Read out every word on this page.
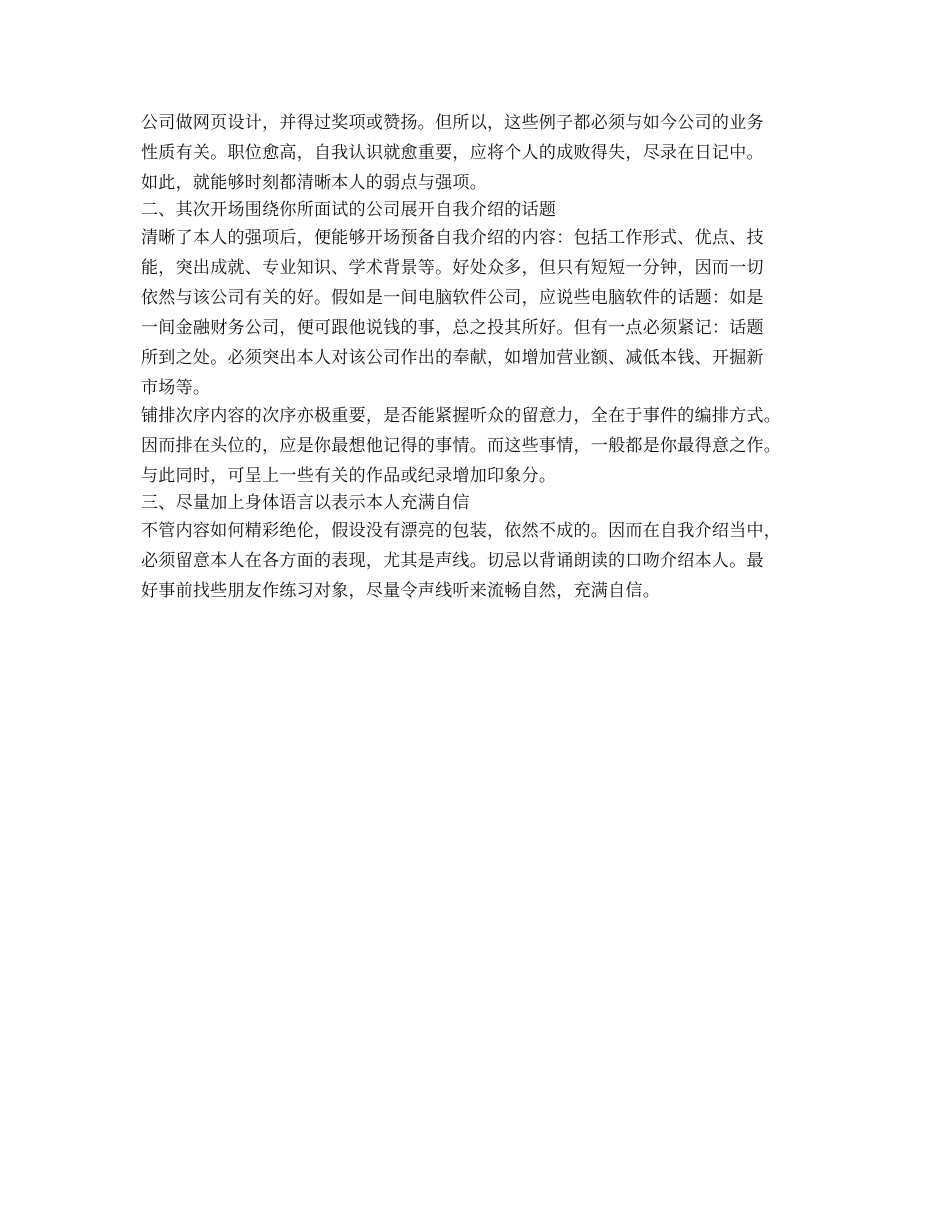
公司做网页设计，并得过奖项或赞扬。但所以，这些例子都必须与如今公司的业务
性质有关。职位愈高，自我认识就愈重要，应将个人的成败得失，尽录在日记中。
如此，就能够时刻都清晰本人的弱点与强项。
二、其次开场围绕你所面试的公司展开自我介绍的话题
清晰了本人的强项后，便能够开场预备自我介绍的内容：包括工作形式、优点、技
能，突出成就、专业知识、学术背景等。好处众多，但只有短短一分钟，因而一切
依然与该公司有关的好。假如是一间电脑软件公司，应说些电脑软件的话题：如是
一间金融财务公司，便可跟他说钱的事，总之投其所好。但有一点必须紧记：话题
所到之处。必须突出本人对该公司作出的奉献，如增加营业额、减低本钱、开掘新
市场等。
铺排次序内容的次序亦极重要，是否能紧握听众的留意力，全在于事件的编排方式。
因而排在头位的，应是你最想他记得的事情。而这些事情，一般都是你最得意之作。
与此同时，可呈上一些有关的作品或纪录增加印象分。
三、尽量加上身体语言以表示本人充满自信
不管内容如何精彩绝伦，假设没有漂亮的包装，依然不成的。因而在自我介绍当中，
必须留意本人在各方面的表现，尤其是声线。切忌以背诵朗读的口吻介绍本人。最
好事前找些朋友作练习对象，尽量令声线听来流畅自然，充满自信。
